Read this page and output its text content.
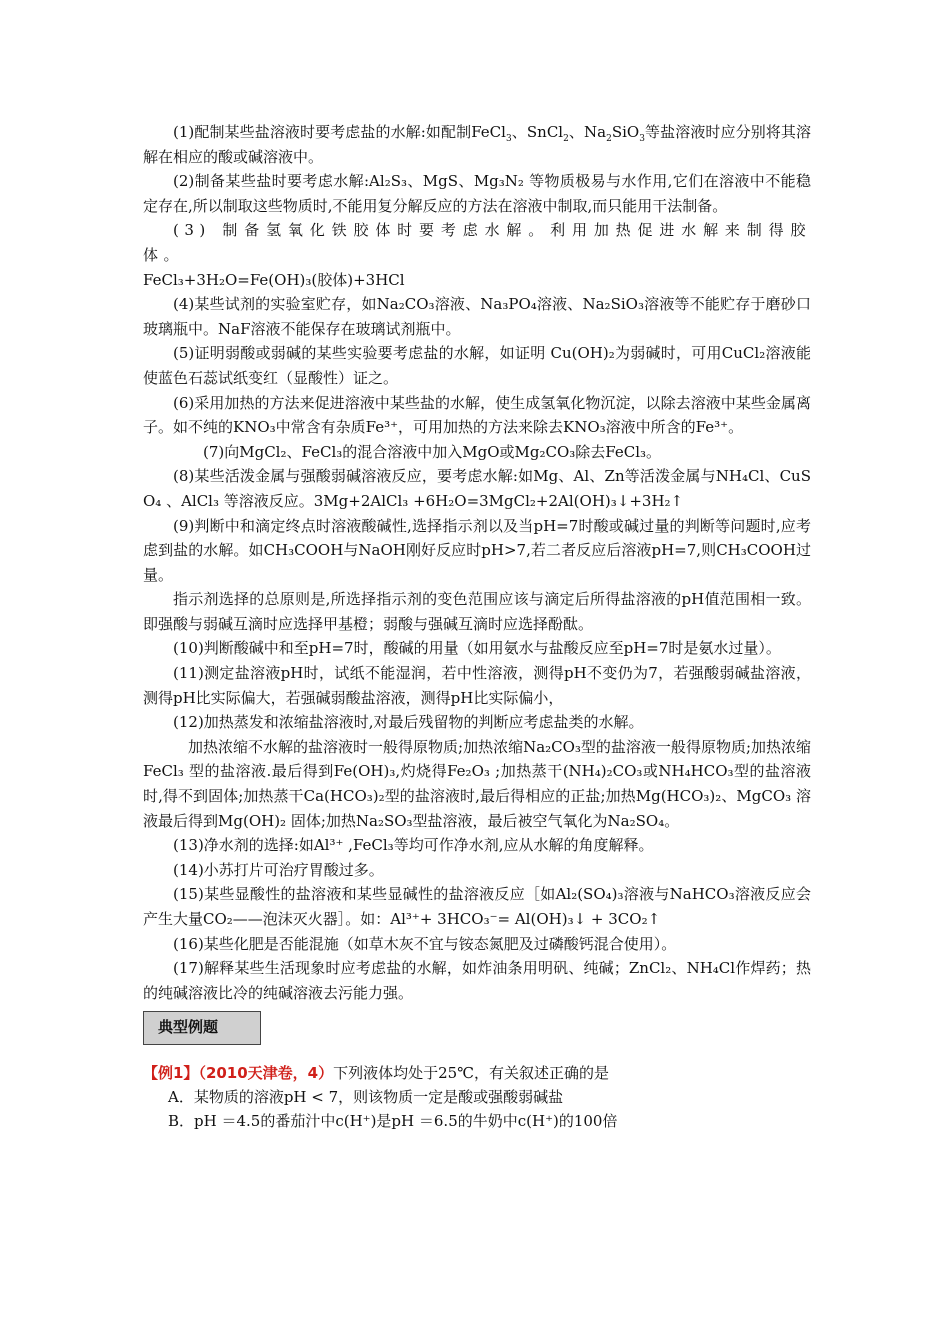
(1)配制某些盐溶液时要考虑盐的水解:如配制FeCl$_3$、SnCl$_2$、$Na_2SiO_3$等盐溶液时应分别将其溶解在相应的酸或碱溶液中。

(2)制备某些盐时要考虑水解:Al₂S₃、MgS、Mg₃N₂ 等物质极易与水作用,它们在溶液中不能稳定存在,所以制取这些物质时,不能用复分解反应的方法在溶液中制取,而只能用干法制备。

(3) 制备氢氧化铁胶体时要考虑水解。利用加热促进水解来制得胶体。

FeCl₃+3H₂O=Fe(OH)₃(胶体)+3HCl

(4)某些试剂的实验室贮存，如Na₂CO₃溶液、Na₃PO₄溶液、Na₂SiO₃溶液等不能贮存于磨砂口玻璃瓶中。NaF溶液不能保存在玻璃试剂瓶中。

(5)证明弱酸或弱碱的某些实验要考虑盐的水解，如证明 Cu(OH)₂为弱碱时，可用CuCl₂溶液能使蓝色石蕊试纸变红（显酸性）证之。

(6)采用加热的方法来促进溶液中某些盐的水解，使生成氢氧化物沉淀，以除去溶液中某些金属离子。如不纯的KNO₃中常含有杂质Fe³⁺，可用加热的方法来除去KNO₃溶液中所含的Fe³⁺。

(7)向MgCl₂、FeCl₃的混合溶液中加入MgO或Mg₂CO₃除去FeCl₃。

(8)某些活泼金属与强酸弱碱溶液反应，要考虑水解:如Mg、Al、Zn等活泼金属与NH₄Cl、CuSO₄ 、AlCl₃ 等溶液反应。3Mg+2AlCl₃ +6H₂O=3MgCl₂+2Al(OH)₃↓+3H₂↑

(9)判断中和滴定终点时溶液酸碱性,选择指示剂以及当pH=7时酸或碱过量的判断等问题时,应考虑到盐的水解。如CH₃COOH与NaOH刚好反应时pH>7,若二者反应后溶液pH=7,则CH₃COOH过量。

指示剂选择的总原则是,所选择指示剂的变色范围应该与滴定后所得盐溶液的pH值范围相一致。即强酸与弱碱互滴时应选择甲基橙；弱酸与强碱互滴时应选择酚酞。

(10)判断酸碱中和至pH=7时，酸碱的用量（如用氨水与盐酸反应至pH=7时是氨水过量）。

(11)测定盐溶液pH时，试纸不能湿润，若中性溶液，测得pH不变仍为7，若强酸弱碱盐溶液，测得pH比实际偏大，若强碱弱酸盐溶液，测得pH比实际偏小，

(12)加热蒸发和浓缩盐溶液时,对最后残留物的判断应考虑盐类的水解。

加热浓缩不水解的盐溶液时一般得原物质;加热浓缩Na₂CO₃型的盐溶液一般得原物质;加热浓缩FeCl₃ 型的盐溶液.最后得到Fe(OH)₃,灼烧得Fe₂O₃ ;加热蒸干(NH₄)₂CO₃或NH₄HCO₃型的盐溶液时,得不到固体;加热蒸干Ca(HCO₃)₂型的盐溶液时,最后得相应的正盐;加热Mg(HCO₃)₂、MgCO₃ 溶液最后得到Mg(OH)₂ 固体;加热Na₂SO₃型盐溶液，最后被空气氧化为Na₂SO₄。

(13)净水剂的选择:如Al³⁺ ,FeCl₃等均可作净水剂,应从水解的角度解释。

(14)小苏打片可治疗胃酸过多。

(15)某些显酸性的盐溶液和某些显碱性的盐溶液反应［如Al₂(SO₄)₃溶液与NaHCO₃溶液反应会产生大量CO₂——泡沫灭火器］。如：Al³⁺+ 3HCO₃⁻= Al(OH)₃↓ + 3CO₂↑

(16)某些化肥是否能混施（如草木灰不宜与铵态氮肥及过磷酸钙混合使用）。

(17)解释某些生活现象时应考虑盐的水解，如炸油条用明矾、纯碱；ZnCl₂、NH₄Cl作焊药；热的纯碱溶液比冷的纯碱溶液去污能力强。

典型例题
【例1】（2010天津卷，4）下列液体均处于25℃，有关叙述正确的是

A．某物质的溶液pH < 7，则该物质一定是酸或强酸弱碱盐

B．pH ＝4.5的番茄汁中c(H⁺)是pH ＝6.5的牛奶中c(H⁺)的100倍
